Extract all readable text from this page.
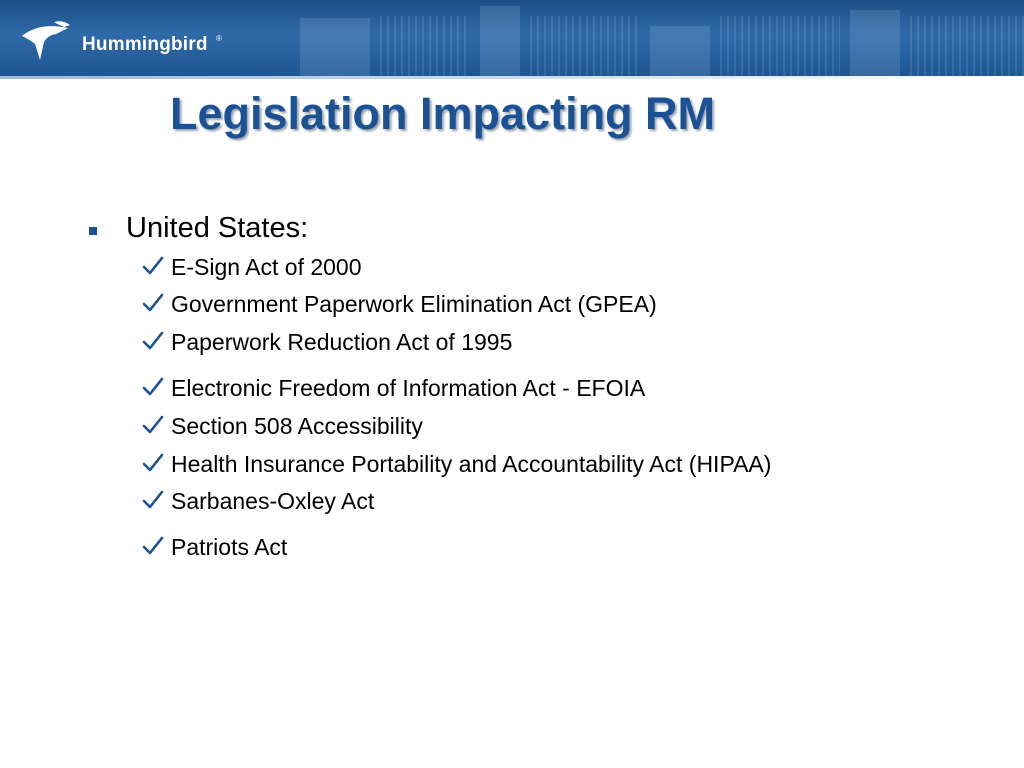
Hummingbird ®
Legislation Impacting RM
United States:
E-Sign Act of 2000
Government Paperwork Elimination Act (GPEA)
Paperwork Reduction Act of 1995
Electronic Freedom of Information Act - EFOIA
Section 508 Accessibility
Health Insurance Portability and Accountability Act (HIPAA)
Sarbanes-Oxley Act
Patriots Act
